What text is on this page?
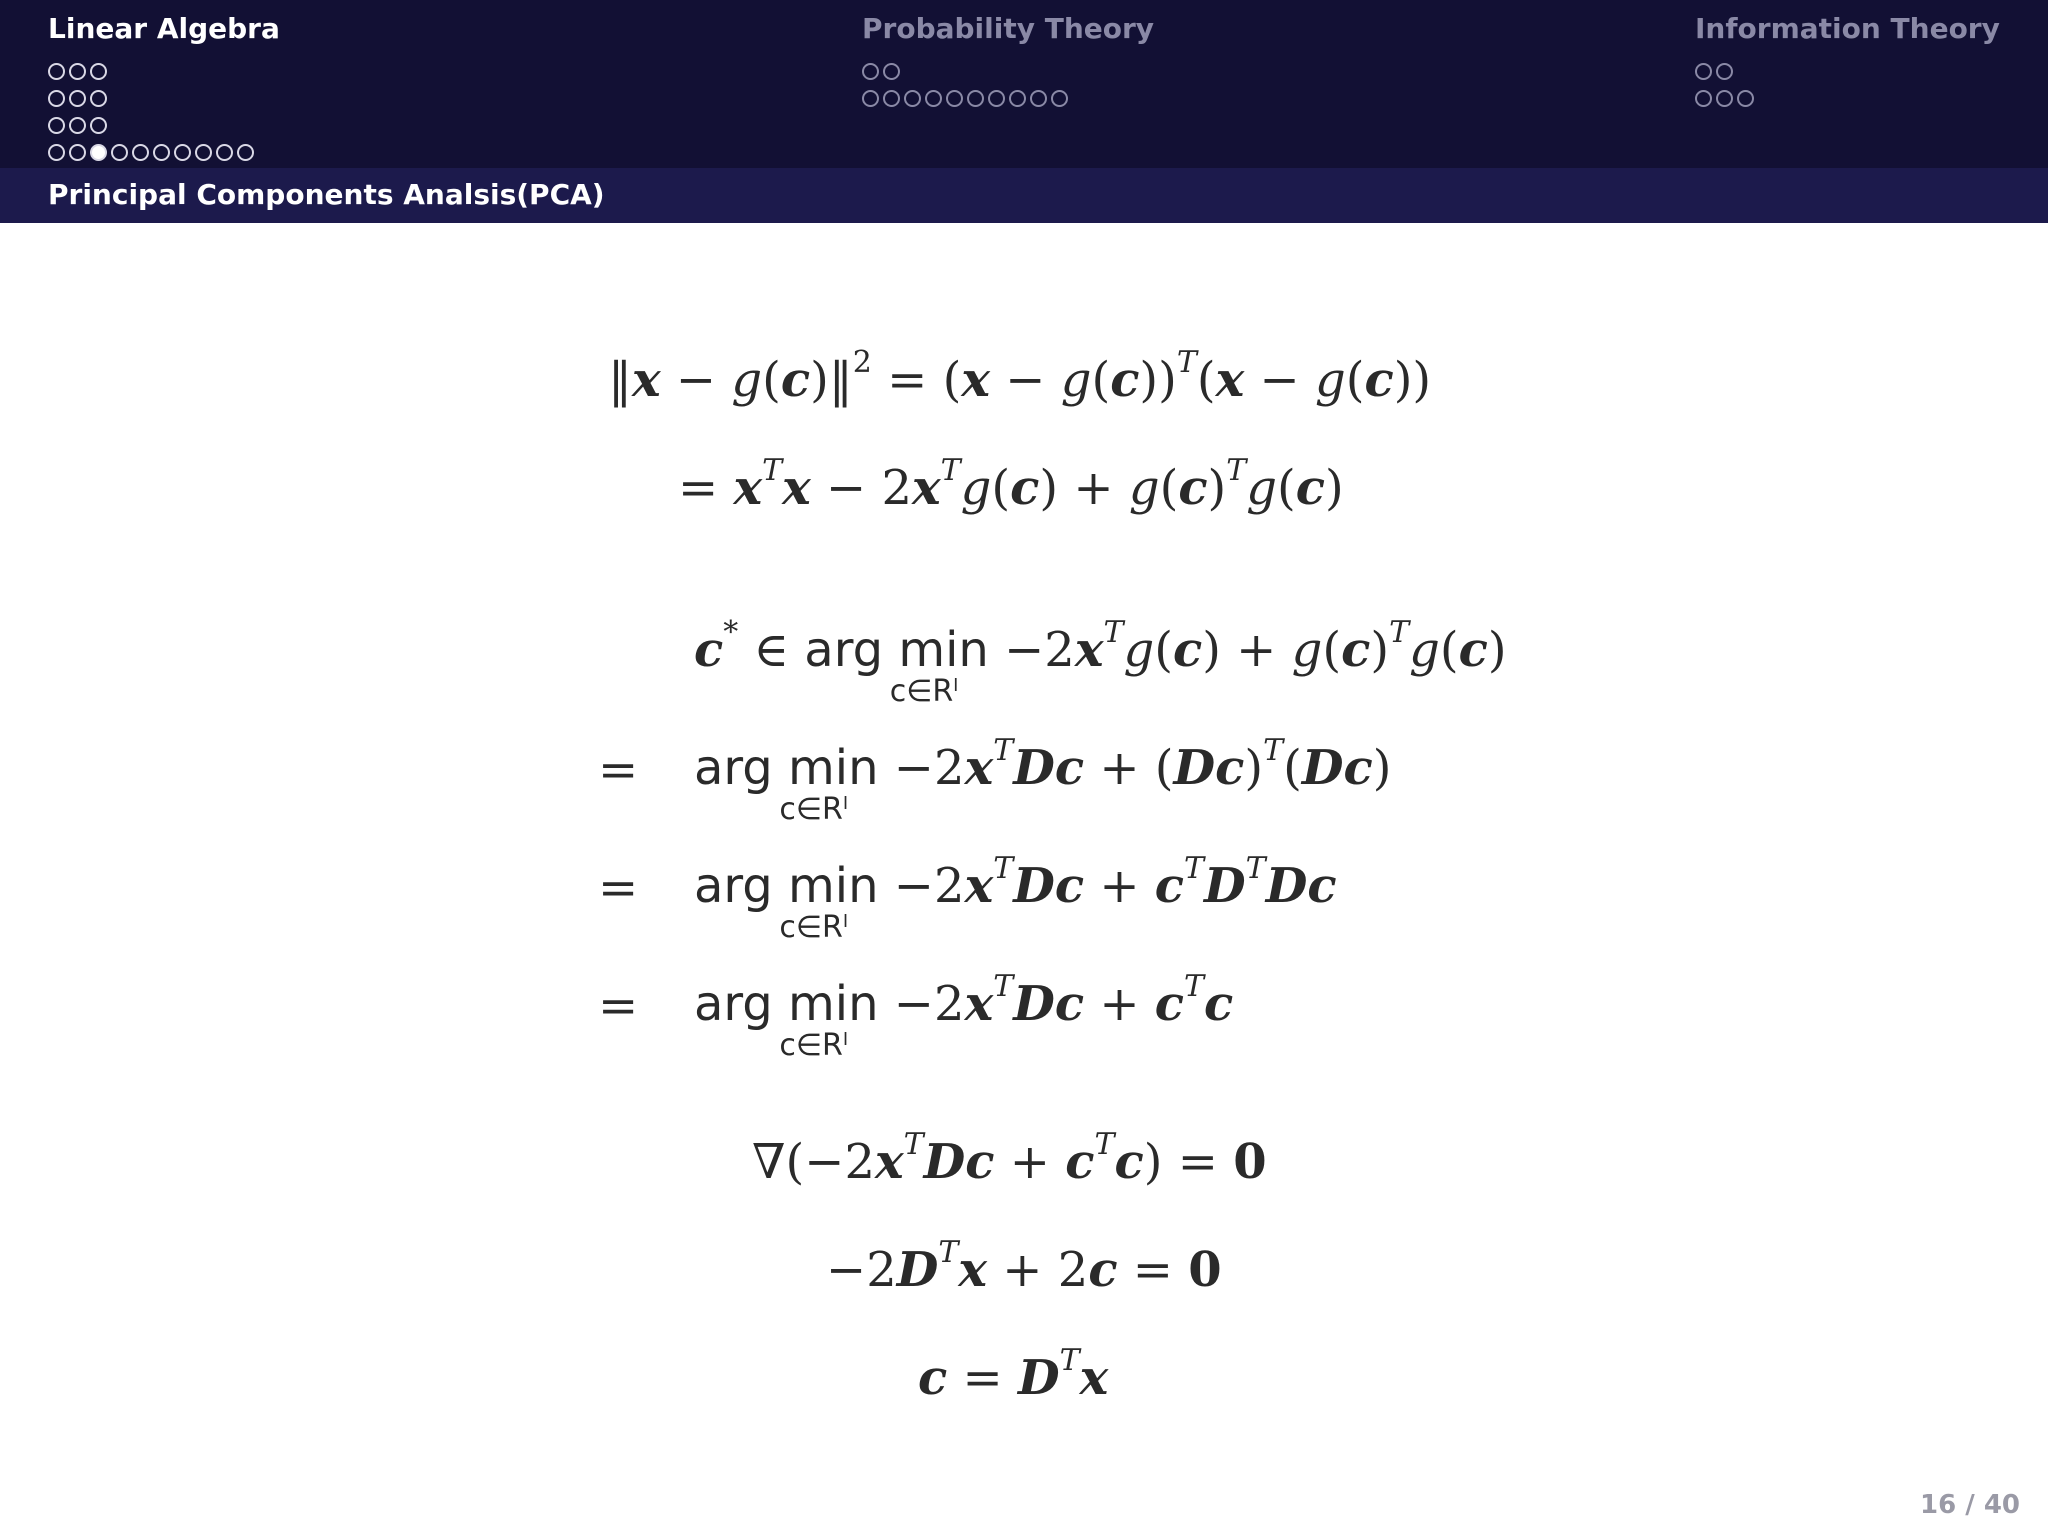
Linear Algebra	Probability Theory	Information Theory
Principal Components Analsis(PCA)
‖x − g(c)‖$^2$ = $(x - g(c))^T(x - g(c))$
= $x^Tx - 2x^Tg(c) + g(c)^Tg(c)$
c* ∈ arg min
c∈Rˡ
$-2x^Tg(c) + g(c)^Tg(c)$
= arg min
c∈Rˡ
$-2x^TDc + (Dc)^T(Dc)$
= arg min
c∈Rˡ
$-2x^TDc + c^TD^TDc$
= arg min
c∈Rˡ
$-2x^TDc + c^Tc$
$\nabla(-2x^TDc + c^Tc) = 0$
$-2D^Tx + 2c = 0$
$c = D^Tx$
16 / 40
